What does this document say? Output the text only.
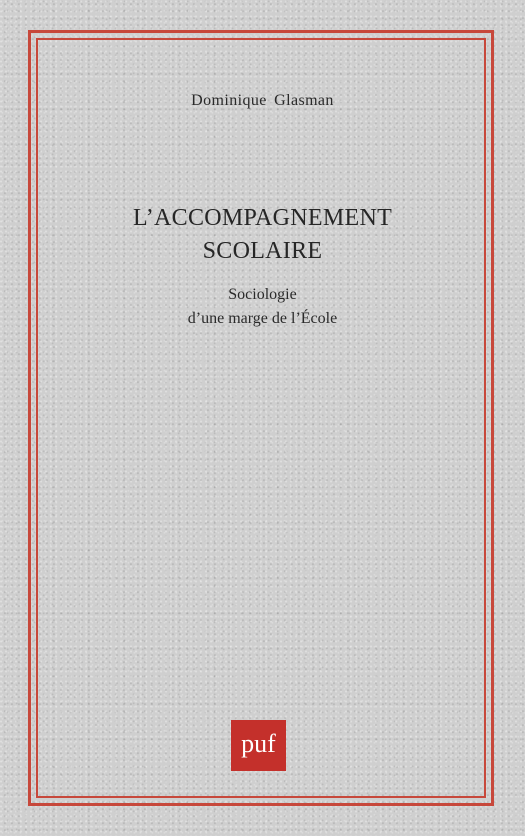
Dominique Glasman
L’ACCOMPAGNEMENT
SCOLAIRE
Sociologie
d’une marge de l’École
puf
